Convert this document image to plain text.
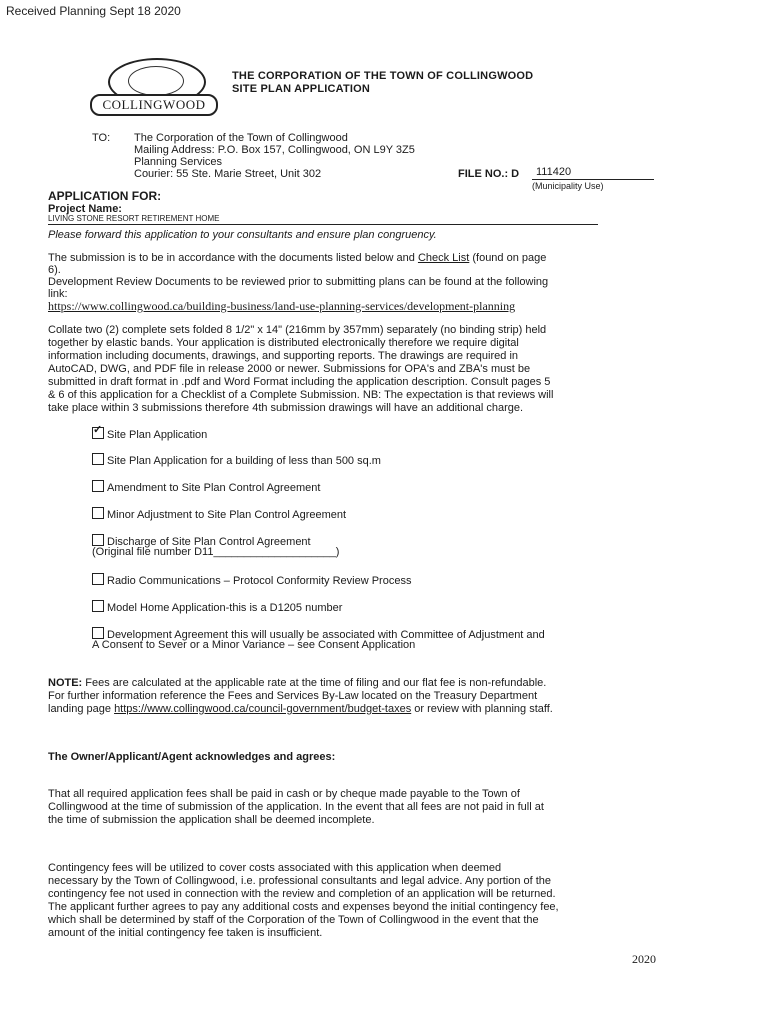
Received Planning Sept 18 2020
COLLINGWOOD
THE CORPORATION OF THE TOWN OF COLLINGWOOD
SITE PLAN APPLICATION
TO: The Corporation of the Town of Collingwood
Mailing Address: P.O. Box 157, Collingwood, ON L9Y 3Z5
Planning Services
Courier: 55 Ste. Marie Street, Unit 302	FILE NO.: D	111420
(Municipality Use)
APPLICATION FOR:
Project Name:
LIVING STONE RESORT RETIREMENT HOME
Please forward this application to your consultants and ensure plan congruency.
The submission is to be in accordance with the documents listed below and Check List (found on page
6).
Development Review Documents to be reviewed prior to submitting plans can be found at the following
link:
https://www.collingwood.ca/building-business/land-use-planning-services/development-planning
Collate two (2) complete sets folded 8 1/2" x 14" (216mm by 357mm) separately (no binding strip) held
together by elastic bands. Your application is distributed electronically therefore we require digital
information including documents, drawings, and supporting reports. The drawings are required in
AutoCAD, DWG, and PDF file in release 2000 or newer. Submissions for OPA's and ZBA's must be
submitted in draft format in .pdf and Word Format including the application description. Consult pages 5
& 6 of this application for a Checklist of a Complete Submission. NB: The expectation is that reviews will
take place within 3 submissions therefore 4th submission drawings will have an additional charge.
✓Site Plan Application
Site Plan Application for a building of less than 500 sq.m
Amendment to Site Plan Control Agreement
Minor Adjustment to Site Plan Control Agreement
Discharge of Site Plan Control Agreement
(Original file number D11____________________)
Radio Communications – Protocol Conformity Review Process
Model Home Application-this is a D1205 number
Development Agreement this will usually be associated with Committee of Adjustment and
A Consent to Sever or a Minor Variance – see Consent Application
NOTE: Fees are calculated at the applicable rate at the time of filing and our flat fee is non-refundable.
For further information reference the Fees and Services By-Law located on the Treasury Department
landing page https://www.collingwood.ca/council-government/budget-taxes or review with planning staff.
The Owner/Applicant/Agent acknowledges and agrees:
That all required application fees shall be paid in cash or by cheque made payable to the Town of
Collingwood at the time of submission of the application. In the event that all fees are not paid in full at
the time of submission the application shall be deemed incomplete.
Contingency fees will be utilized to cover costs associated with this application when deemed
necessary by the Town of Collingwood, i.e. professional consultants and legal advice. Any portion of the
contingency fee not used in connection with the review and completion of an application will be returned.
The applicant further agrees to pay any additional costs and expenses beyond the initial contingency fee,
which shall be determined by staff of the Corporation of the Town of Collingwood in the event that the
amount of the initial contingency fee taken is insufficient.
2020
